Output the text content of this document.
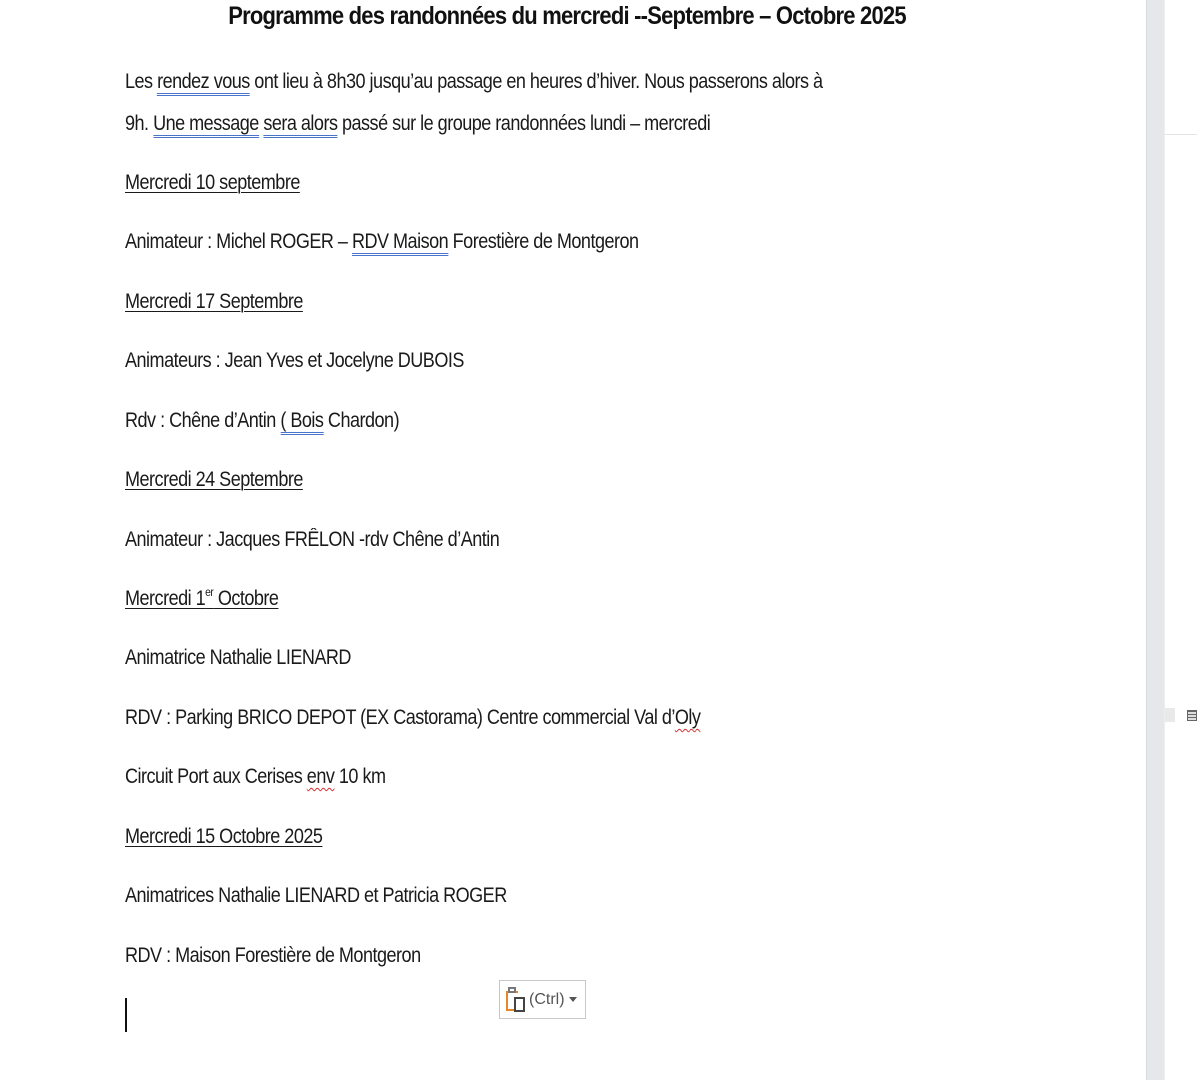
Programme des randonnées du mercredi --Septembre – Octobre 2025
Les rendez vous ont lieu à 8h30 jusqu’au passage en heures d’hiver. Nous passerons alors à
9h. Une message sera alors passé sur le groupe randonnées lundi – mercredi
Mercredi 10 septembre
Animateur : Michel ROGER – RDV Maison Forestière de Montgeron
Mercredi 17 Septembre
Animateurs : Jean Yves et Jocelyne DUBOIS
Rdv : Chêne d’Antin ( Bois Chardon)
Mercredi 24 Septembre
Animateur : Jacques FRÊLON -rdv Chêne d’Antin
Mercredi 1er Octobre
Animatrice Nathalie LIENARD
RDV : Parking BRICO DEPOT (EX Castorama) Centre commercial Val d’Oly
Circuit Port aux Cerises env 10 km
Mercredi 15 Octobre 2025
Animatrices Nathalie LIENARD et Patricia ROGER
RDV : Maison Forestière de Montgeron
(Ctrl)
